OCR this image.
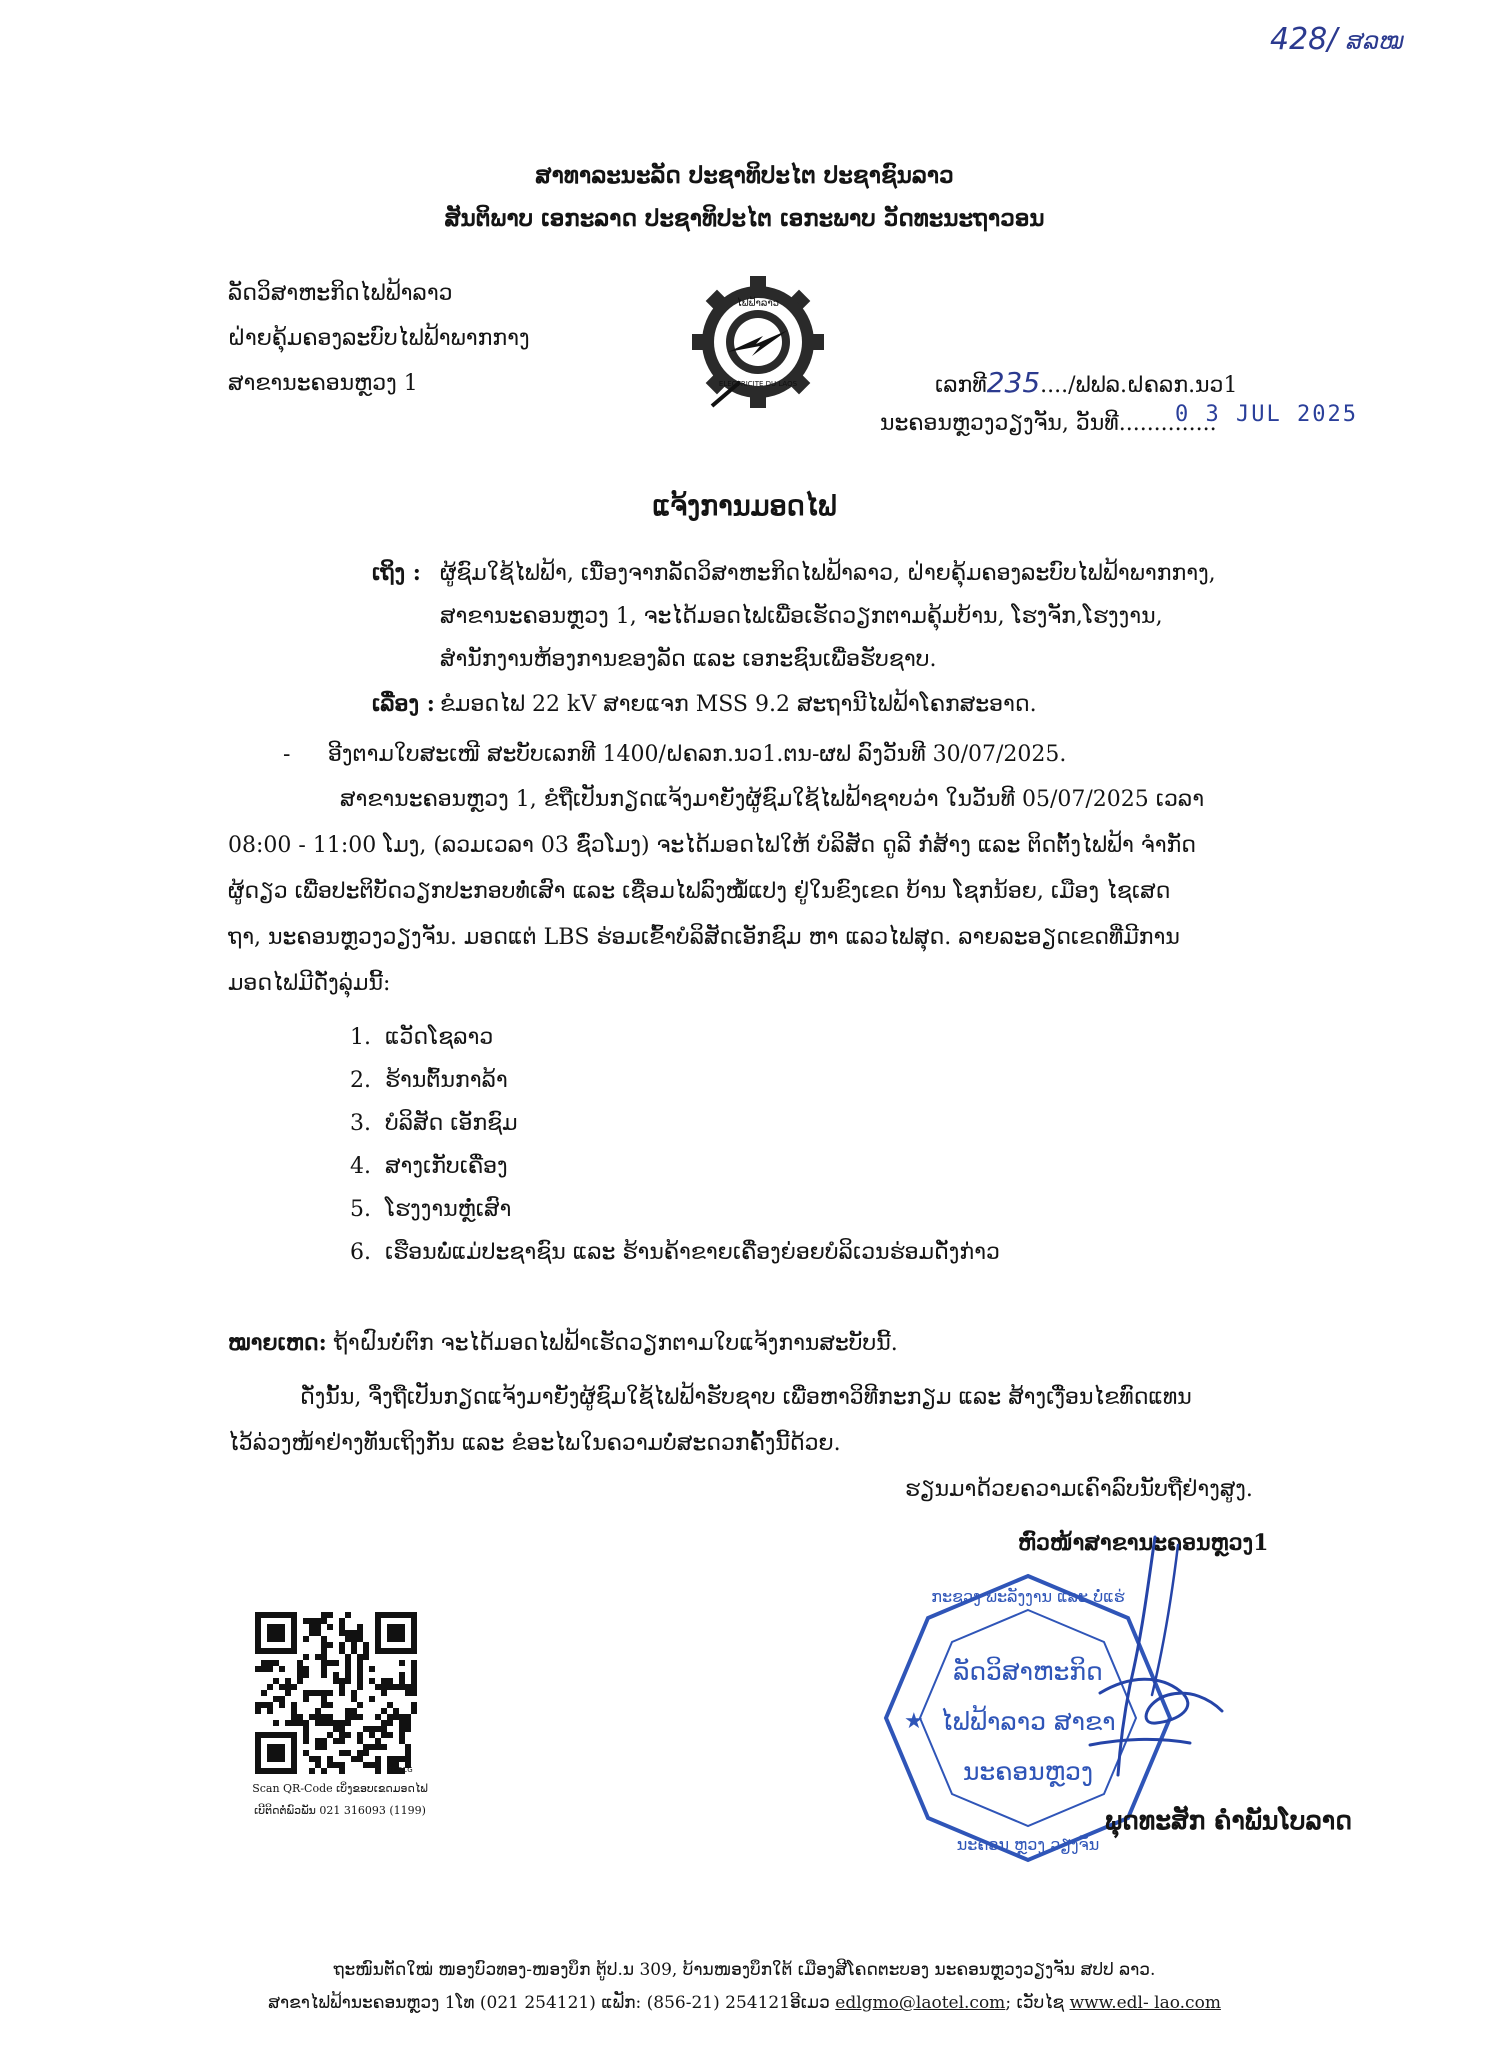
428/ ສລໝ
ສາທາລະນະລັດ ປະຊາທິປະໄຕ ປະຊາຊົນລາວ
ສັນຕິພາບ ເອກະລາດ ປະຊາທິປະໄຕ ເອກະພາບ ວັດທະນະຖາວອນ
ລັດວິສາຫະກິດໄຟຟ້າລາວ
ຝ່າຍຄຸ້ມຄອງລະບົບໄຟຟ້າພາກກາງ
ສາຂານະຄອນຫຼວງ 1
ໄຟຟ້າລາວ
ELECTRICITE DU LAOS	ເລກທີ235..../ຟຟລ.ຝຄລກ.ນວ1
ນະຄອນຫຼວງວຽງຈັນ, ວັນທີ..............
0 3 JUL 2025
ແຈ້ງການມອດໄຟ
ເຖິງ : ຜູ້ຊົມໃຊ້ໄຟຟ້າ, ເນື່ອງຈາກລັດວິສາຫະກິດໄຟຟ້າລາວ, ຝ່າຍຄຸ້ມຄອງລະບົບໄຟຟ້າພາກກາງ,
ສາຂານະຄອນຫຼວງ 1, ຈະໄດ້ມອດໄຟເພື່ອເຮັດວຽກຕາມຄຸ້ມບ້ານ, ໂຮງຈັກ,ໂຮງງານ,
ສຳນັກງານຫ້ອງການຂອງລັດ ແລະ ເອກະຊົນເພື່ອຮັບຊາບ.
ເລື່ອງ : ຂໍມອດໄຟ 22 kV ສາຍແຈກ MSS 9.2 ສະຖານີໄຟຟ້າໂຄກສະອາດ.
- ອີງຕາມໃບສະເໜີ ສະບັບເລກທີ 1400/ຝຄລກ.ນວ1.ຕນ-ຜຟ ລົງວັນທີ 30/07/2025.
ສາຂານະຄອນຫຼວງ 1, ຂໍຖືເປັນກຽດແຈ້ງມາຍັງຜູ້ຊົມໃຊ້ໄຟຟ້າຊາບວ່າ ໃນວັນທີ 05/07/2025 ເວລາ
08:00 - 11:00 ໂມງ, (ລວມເວລາ 03 ຊົ່ວໂມງ) ຈະໄດ້ມອດໄຟໃຫ້ ບໍລິສັດ ດູລີ ກໍ່ສ້າງ ແລະ ຕິດຕັ້ງໄຟຟ້າ ຈຳກັດ
ຜູ້ດຽວ ເພື່ອປະຕິບັດວຽກປະກອບທໍ່ເສົາ ແລະ ເຊື່ອມໄຟລົງໝໍ້ແປງ ຢູ່ໃນຂົງເຂດ ບ້ານ ໂຊກນ້ອຍ, ເມືອງ ໄຊເສດ
ຖາ, ນະຄອນຫຼວງວຽງຈັນ. ມອດແຕ່ LBS ຮ່ອມເຂົ້າບໍລິສັດເອັກຊົມ ຫາ ແລວໄຟສຸດ. ລາຍລະອຽດເຂດທີ່ມີການ
ມອດໄຟມີດັ່ງລຸ່ມນີ້:
1. ແວັດໂຊລາວ
2. ຮ້ານຕົ້ນກາລ້າ
3. ບໍລິສັດ ເອັກຊົມ
4. ສາງເກັບເຄື່ອງ
5. ໂຮງງານຫຼໍ່ເສົາ
6. ເຮືອນພໍ່ແມ່ປະຊາຊົນ ແລະ ຮ້ານຄ້າຂາຍເຄື່ອງຍ່ອຍບໍລິເວນຮ່ອມດັ່ງກ່າວ
ໝາຍເຫດ: ຖ້າຝົນບໍ່ຕົກ ຈະໄດ້ມອດໄຟຟ້າເຮັດວຽກຕາມໃບແຈ້ງການສະບັບນີ້.
ດັ່ງນັ້ນ, ຈຶ່ງຖືເປັນກຽດແຈ້ງມາຍັງຜູ້ຊົມໃຊ້ໄຟຟ້າຮັບຊາບ ເພື່ອຫາວິທີກະກຽມ ແລະ ສ້າງເງື່ອນໄຂທົດແທນ
ໄວ້ລ່ວງໜ້າຢ່າງທັນເຖິງກັນ ແລະ ຂໍອະໄພໃນຄວາມບໍ່ສະດວກຄັ້ງນີ້ດ້ວຍ.
ຮຽນມາດ້ວຍຄວາມເຄົາລົບນັບຖືຢ່າງສູງ.
ຫົວໜ້າສາຂານະຄອນຫຼວງ1
★
ກະຊວງ ພະລັງງານ ແລະ ບໍ່ແຮ່
ນະຄອນ ຫຼວງ ວຽງຈັນ
ລັດວິສາຫະກິດ
ໄຟຟ້າລາວ ສາຂາ
ນະຄອນຫຼວງ
ພຸດທະສັກ ຄຳພັນໂບລາດ
TORCG
Scan QR-Code ເບິ່ງຂອບເຂດມອດໄຟ
ເບີຕິດຕໍ່ພົວພັນ 021 316093 (1199)
ຖະໜົນຕັດໃໝ່ ໜອງບົວທອງ-ໜອງບຶກ ຕູ້ປ.ນ 309, ບ້ານໜອງບຶກໃຕ້ ເມືອງສີໂຄດຕະບອງ ນະຄອນຫຼວງວຽງຈັນ ສປປ ລາວ.
ສາຂາໄຟຟ້ານະຄອນຫຼວງ 1ໂທ (021 254121) ແຟັກ: (856-21) 254121ອີເມວ edlgmo@laotel.com; ເວັບໄຊ www.edl- lao.com
